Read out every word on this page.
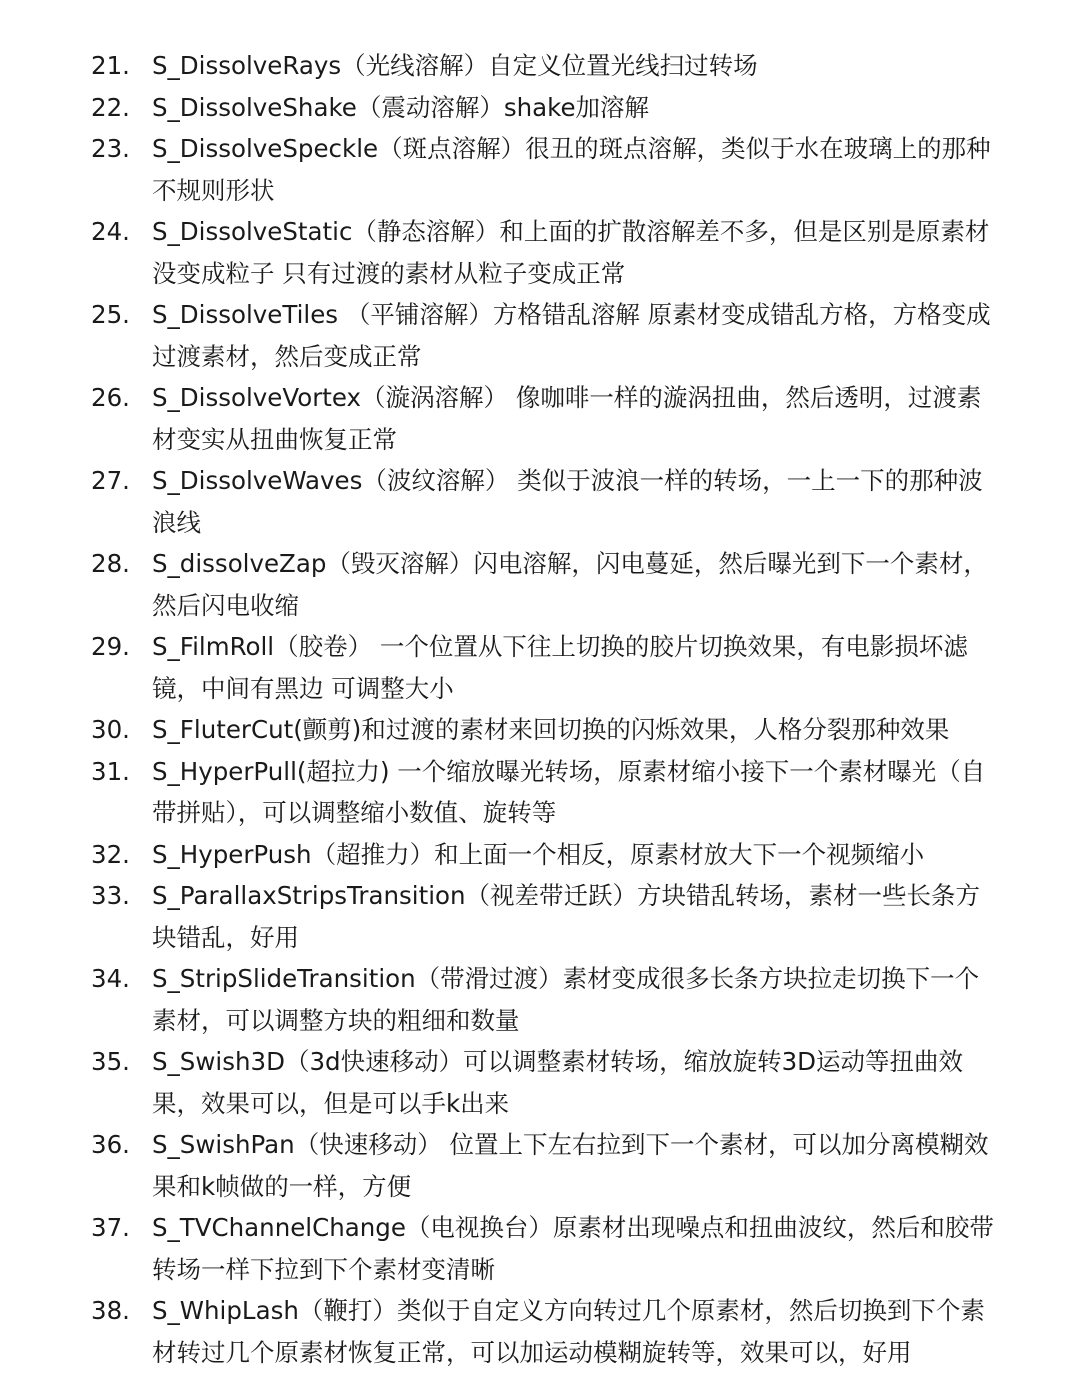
21. S_DissolveRays（光线溶解）自定义位置光线扫过转场
22. S_DissolveShake（震动溶解）shake加溶解
23. S_DissolveSpeckle（斑点溶解）很丑的斑点溶解，类似于水在玻璃上的那种不规则形状
24. S_DissolveStatic（静态溶解）和上面的扩散溶解差不多，但是区别是原素材没变成粒子 只有过渡的素材从粒子变成正常
25. S_DissolveTiles （平铺溶解）方格错乱溶解 原素材变成错乱方格，方格变成过渡素材，然后变成正常
26. S_DissolveVortex（漩涡溶解） 像咖啡一样的漩涡扭曲，然后透明，过渡素材变实从扭曲恢复正常
27. S_DissolveWaves（波纹溶解） 类似于波浪一样的转场，一上一下的那种波浪线
28. S_dissolveZap（毁灭溶解）闪电溶解，闪电蔓延，然后曝光到下一个素材，然后闪电收缩
29. S_FilmRoll（胶卷） 一个位置从下往上切换的胶片切换效果，有电影损坏滤镜，中间有黑边 可调整大小
30. S_FluterCut(颤剪)和过渡的素材来回切换的闪烁效果，人格分裂那种效果
31. S_HyperPull(超拉力) 一个缩放曝光转场，原素材缩小接下一个素材曝光（自带拼贴），可以调整缩小数值、旋转等
32. S_HyperPush（超推力）和上面一个相反，原素材放大下一个视频缩小
33. S_ParallaxStripsTransition（视差带迁跃）方块错乱转场，素材一些长条方块错乱，好用
34. S_StripSlideTransition（带滑过渡）素材变成很多长条方块拉走切换下一个素材，可以调整方块的粗细和数量
35. S_Swish3D（3d快速移动）可以调整素材转场，缩放旋转3D运动等扭曲效果，效果可以，但是可以手k出来
36. S_SwishPan（快速移动） 位置上下左右拉到下一个素材，可以加分离模糊效果和k帧做的一样，方便
37. S_TVChannelChange（电视换台）原素材出现噪点和扭曲波纹，然后和胶带转场一样下拉到下个素材变清晰
38. S_WhipLash（鞭打）类似于自定义方向转过几个原素材，然后切换到下个素材转过几个原素材恢复正常，可以加运动模糊旋转等，效果可以，好用
